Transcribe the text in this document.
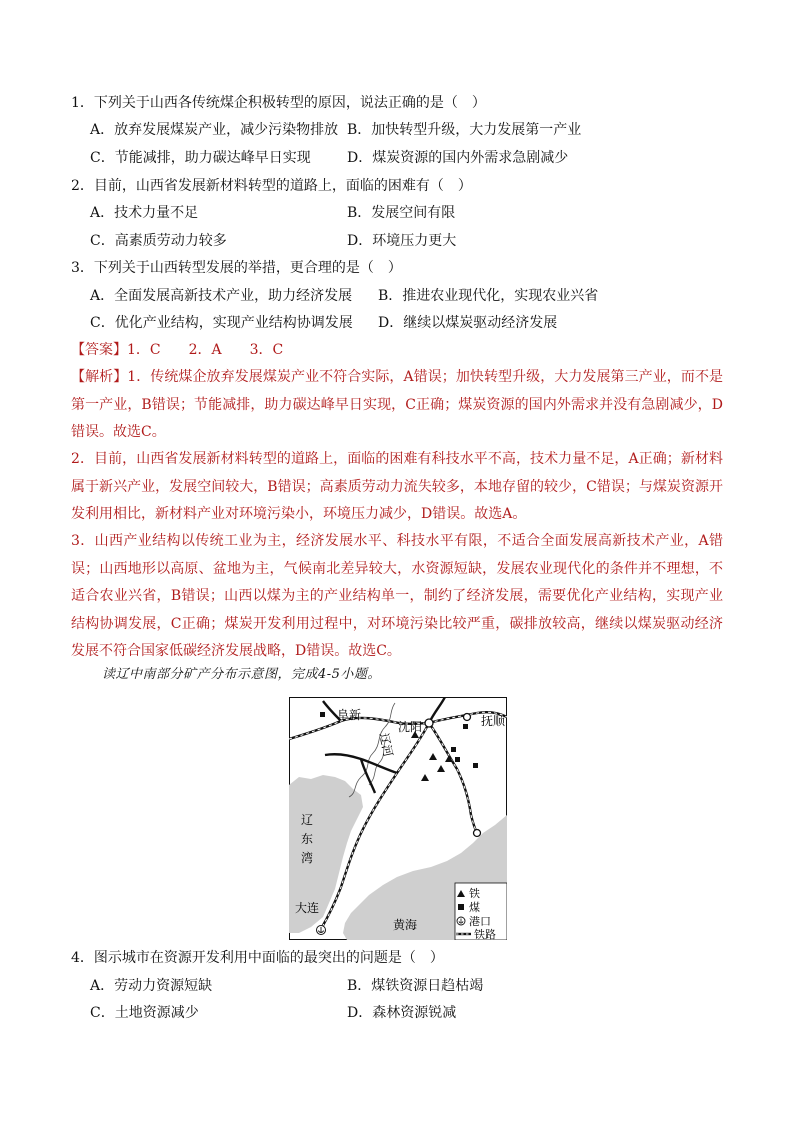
1．下列关于山西各传统煤企积极转型的原因，说法正确的是（　）
A．放弃发展煤炭产业，减少污染物排放 B．加快转型升级，大力发展第一产业
C．节能减排，助力碳达峰早日实现	D．煤炭资源的国内外需求急剧减少
2．目前，山西省发展新材料转型的道路上，面临的困难有（　）
A．技术力量不足	B．发展空间有限
C．高素质劳动力较多	D．环境压力更大
3．下列关于山西转型发展的举措，更合理的是（　）
A．全面发展高新技术产业，助力经济发展 B．推进农业现代化，实现农业兴省
C．优化产业结构，实现产业结构协调发展 D．继续以煤炭驱动经济发展
【答案】1．C　　2．A　　3．C
【解析】1．传统煤企放弃发展煤炭产业不符合实际，A错误；加快转型升级，大力发展第三产业，而不是第一产业，B错误；节能减排，助力碳达峰早日实现，C正确；煤炭资源的国内外需求并没有急剧减少，D错误。故选C。
2．目前，山西省发展新材料转型的道路上，面临的困难有科技水平不高，技术力量不足，A正确；新材料属于新兴产业，发展空间较大，B错误；高素质劳动力流失较多，本地存留的较少，C错误；与煤炭资源开发利用相比，新材料产业对环境污染小，环境压力减少，D错误。故选A。
3．山西产业结构以传统工业为主，经济发展水平、科技水平有限，不适合全面发展高新技术产业，A错误；山西地形以高原、盆地为主，气候南北差异较大，水资源短缺，发展农业现代化的条件并不理想，不适合农业兴省，B错误；山西以煤为主的产业结构单一，制约了经济发展，需要优化产业结构，实现产业结构协调发展，C正确；煤炭开发利用过程中，对环境污染比较严重，碳排放较高，继续以煤炭驱动经济发展不符合国家低碳经济发展战略，D错误。故选C。
读辽中南部分矿产分布示意图，完成4-5小题。
阜新
沈阳	抚顺
辽河
辽
东
湾
大连
黄海
铁
煤
港口
铁路
4．图示城市在资源开发利用中面临的最突出的问题是（　）
A．劳动力资源短缺	B．煤铁资源日趋枯竭
C．土地资源减少	D．森林资源锐减
